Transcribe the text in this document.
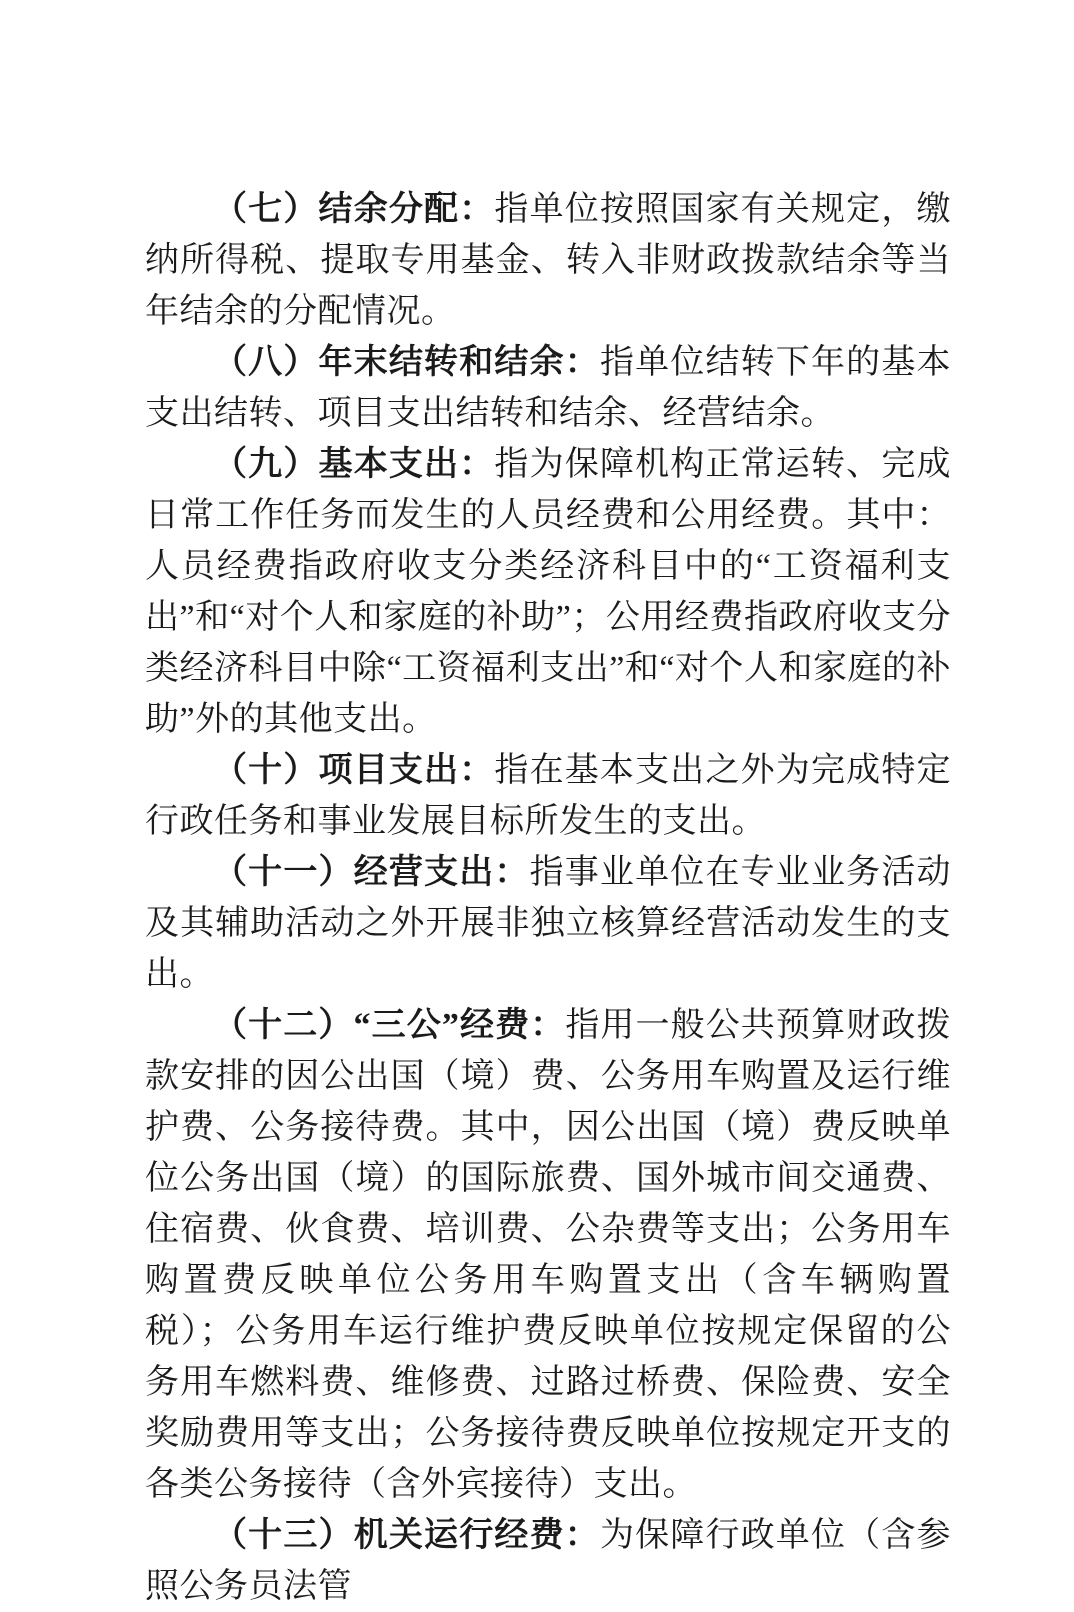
（七）结余分配：指单位按照国家有关规定，缴纳所得税、提取专用基金、转入非财政拨款结余等当年结余的分配情况。

（八）年末结转和结余：指单位结转下年的基本支出结转、项目支出结转和结余、经营结余。

（九）基本支出：指为保障机构正常运转、完成日常工作任务而发生的人员经费和公用经费。其中：人员经费指政府收支分类经济科目中的“工资福利支出”和“对个人和家庭的补助”；公用经费指政府收支分类经济科目中除“工资福利支出”和“对个人和家庭的补助”外的其他支出。

（十）项目支出：指在基本支出之外为完成特定行政任务和事业发展目标所发生的支出。

（十一）经营支出：指事业单位在专业业务活动及其辅助活动之外开展非独立核算经营活动发生的支出。

（十二）“三公”经费：指用一般公共预算财政拨款安排的因公出国（境）费、公务用车购置及运行维护费、公务接待费。其中，因公出国（境）费反映单位公务出国（境）的国际旅费、国外城市间交通费、住宿费、伙食费、培训费、公杂费等支出；公务用车购置费反映单位公务用车购置支出（含车辆购置税）；公务用车运行维护费反映单位按规定保留的公务用车燃料费、维修费、过路过桥费、保险费、安全奖励费用等支出；公务接待费反映单位按规定开支的各类公务接待（含外宾接待）支出。

（十三）机关运行经费：为保障行政单位（含参照公务员法管
